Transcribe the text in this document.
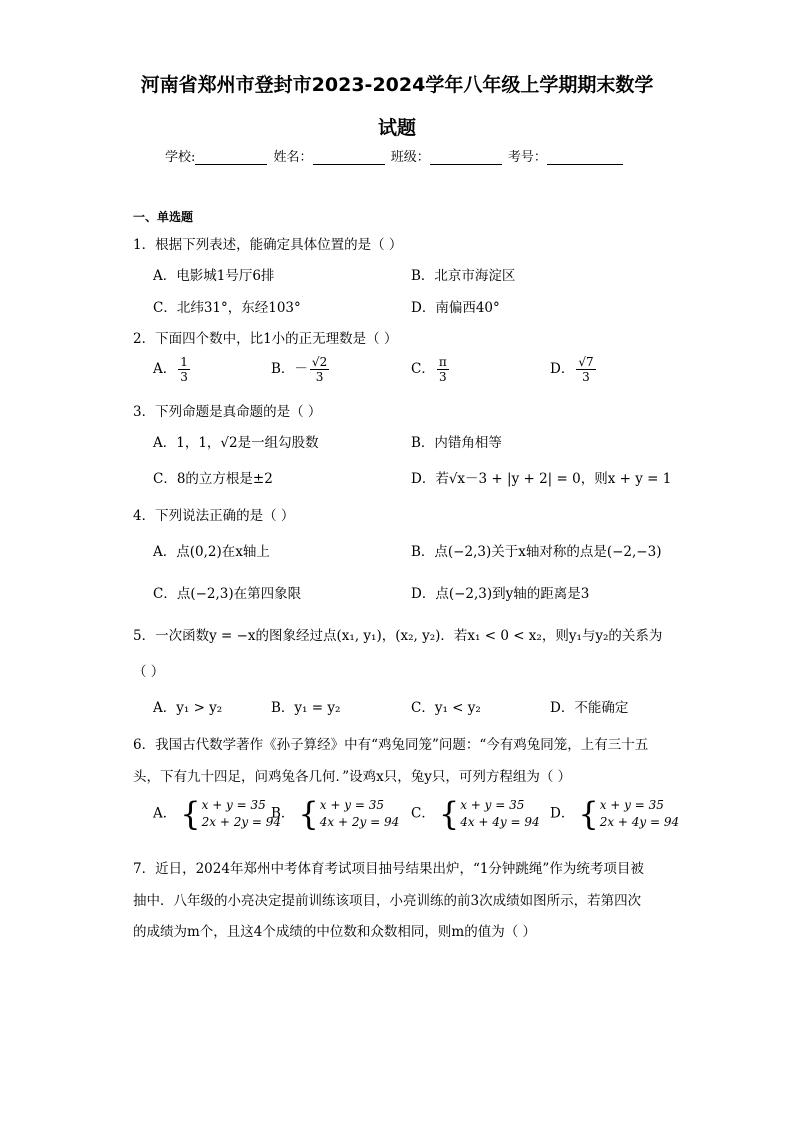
河南省郑州市登封市2023-2024学年八年级上学期期末数学
试题
学校:	姓名：	班级：	考号：
一、单选题
1．根据下列表述，能确定具体位置的是（ ）
A．电影城1号厅6排	B．北京市海淀区
C．北纬31°，东经103°	D．南偏西40°
2．下面四个数中，比1小的正无理数是（ ）
A． $\frac{1}{3}$	B．－ $\frac{√2}{3}$	C． $\frac{\pi}{3}$	D． $\frac{√7}{3}$
3．下列命题是真命题的是（ ）
A．1，1，√2是一组勾股数	B．内错角相等
C．8的立方根是±2	D．若√x－3 + |y + 2| = 0，则x + y = 1
4．下列说法正确的是（ ）
A．点(0,2)在x轴上	B．点(−2,3)关于x轴对称的点是(−2,−3)
C．点(−2,3)在第四象限	D．点(−2,3)到y轴的距离是3
5．一次函数y = −x的图象经过点(x₁, y₁)，(x₂, y₂)．若x₁ < 0 < x₂，则y₁与y₂的关系为
（ ）
A．y₁ > y₂	B．y₁ = y₂	C．y₁ < y₂	D．不能确定
6．我国古代数学著作《孙子算经》中有“鸡兔同笼”问题：“今有鸡兔同笼，上有三十五
头，下有九十四足，问鸡兔各几何．”设鸡x只，兔y只，可列方程组为（ ）
A． { x + y = 35
2x + 2y = 94
B． { x + y = 35
4x + 2y = 94
C． { x + y = 35
4x + 4y = 94
D． { x + y = 35
2x + 4y = 94
7．近日，2024年郑州中考体育考试项目抽号结果出炉，“1分钟跳绳”作为统考项目被
抽中．八年级的小亮决定提前训练该项目，小亮训练的前3次成绩如图所示，若第四次
的成绩为m个，且这4个成绩的中位数和众数相同，则m的值为（ ）
